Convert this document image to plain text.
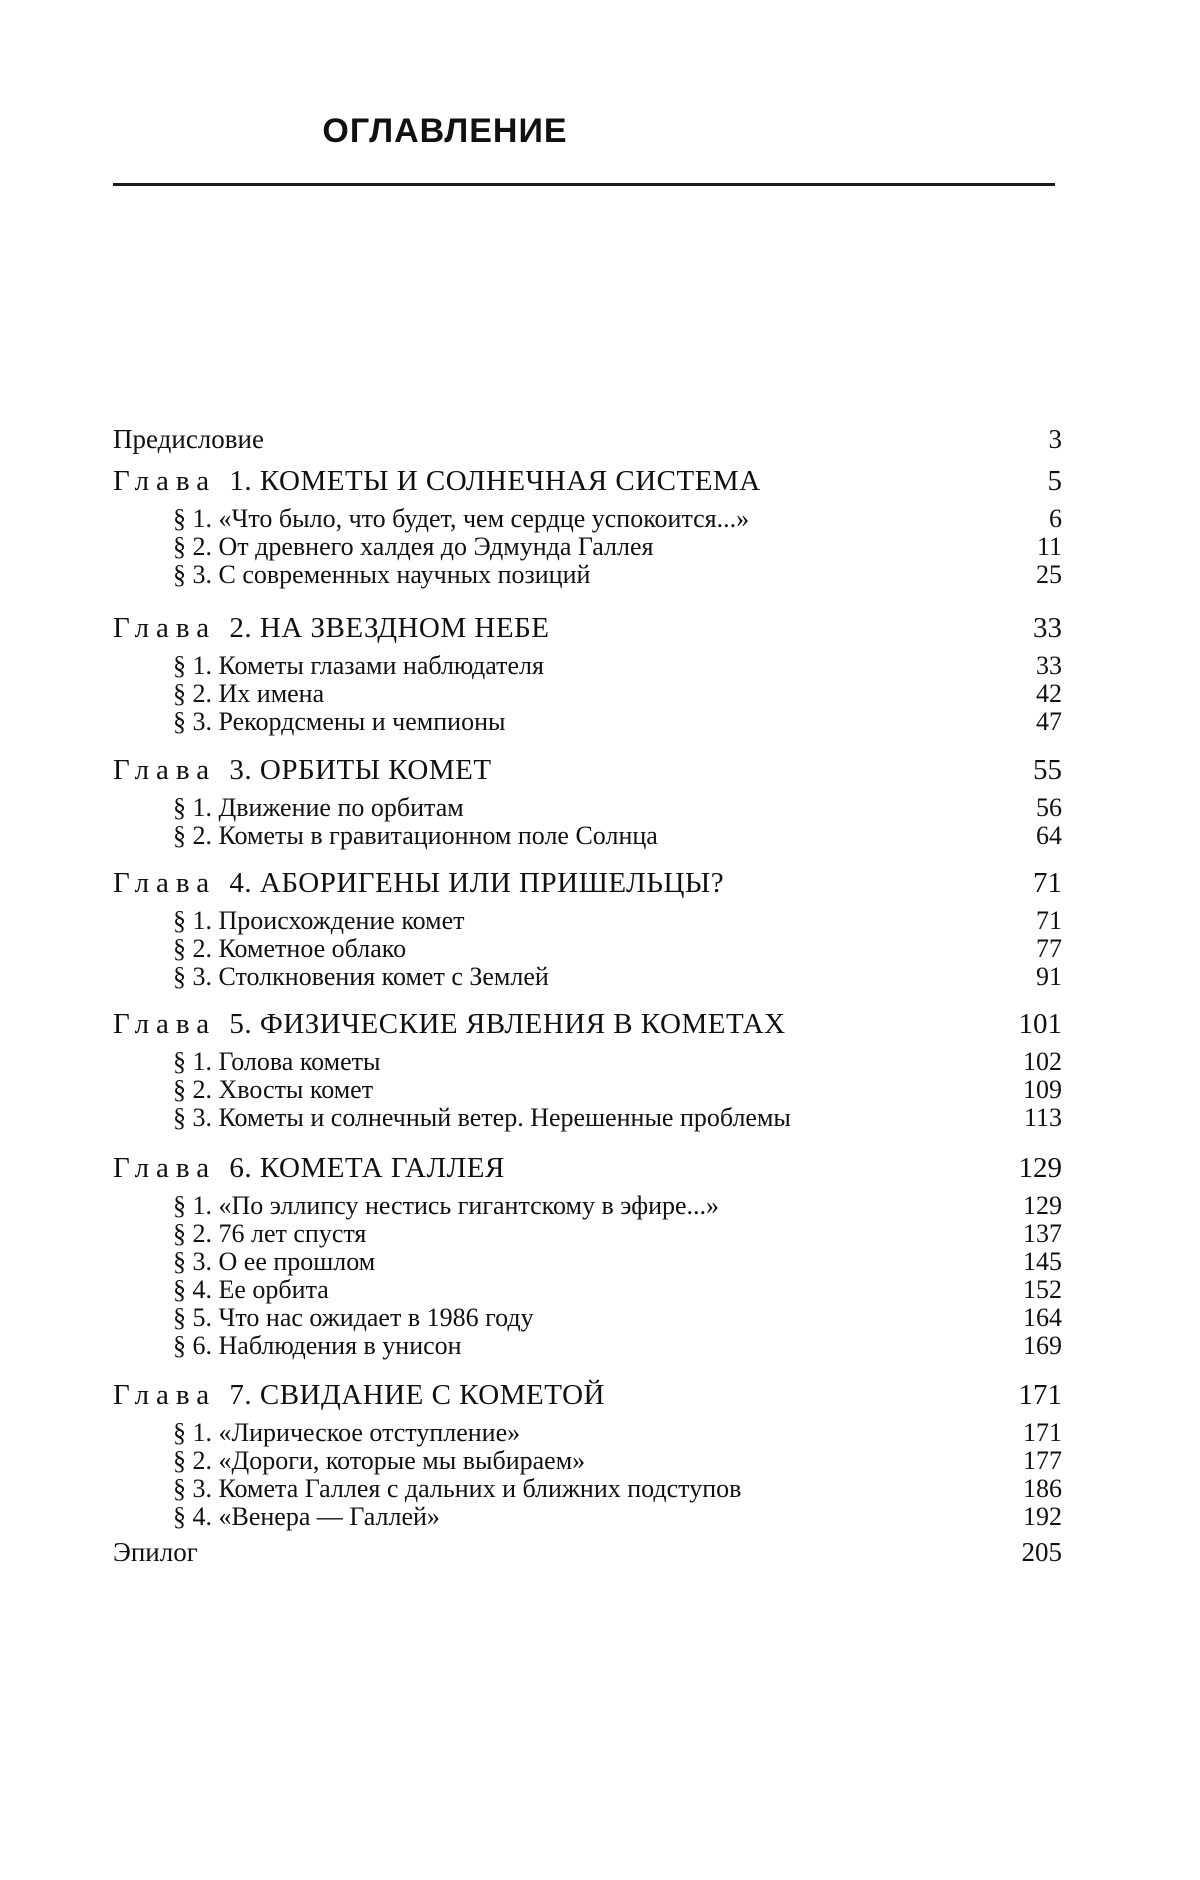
ОГЛАВЛЕНИЕ
Предисловие	3
Глава 1. КОМЕТЫ И СОЛНЕЧНАЯ СИСТЕМА	5
§ 1. «Что было, что будет, чем сердце успокоится...»	6
§ 2. От древнего халдея до Эдмунда Галлея	11
§ 3. С современных научных позиций	25
Глава 2. НА ЗВЕЗДНОМ НЕБЕ	33
§ 1. Кометы глазами наблюдателя	33
§ 2. Их имена	42
§ 3. Рекордсмены и чемпионы	47
Глава 3. ОРБИТЫ КОМЕТ	55
§ 1. Движение по орбитам	56
§ 2. Кометы в гравитационном поле Солнца	64
Глава 4. АБОРИГЕНЫ ИЛИ ПРИШЕЛЬЦЫ?	71
§ 1. Происхождение комет	71
§ 2. Кометное облако	77
§ 3. Столкновения комет с Землей	91
Глава 5. ФИЗИЧЕСКИЕ ЯВЛЕНИЯ В КОМЕТАХ	101
§ 1. Голова кометы	102
§ 2. Хвосты комет	109
§ 3. Кометы и солнечный ветер. Нерешенные проблемы	113
Глава 6. КОМЕТА ГАЛЛЕЯ	129
§ 1. «По эллипсу нестись гигантскому в эфире...»	129
§ 2. 76 лет спустя	137
§ 3. О ее прошлом	145
§ 4. Ее орбита	152
§ 5. Что нас ожидает в 1986 году	164
§ 6. Наблюдения в унисон	169
Глава 7. СВИДАНИЕ С КОМЕТОЙ	171
§ 1. «Лирическое отступление»	171
§ 2. «Дороги, которые мы выбираем»	177
§ 3. Комета Галлея с дальних и ближних подступов	186
§ 4. «Венера — Галлей»	192
Эпилог	205
